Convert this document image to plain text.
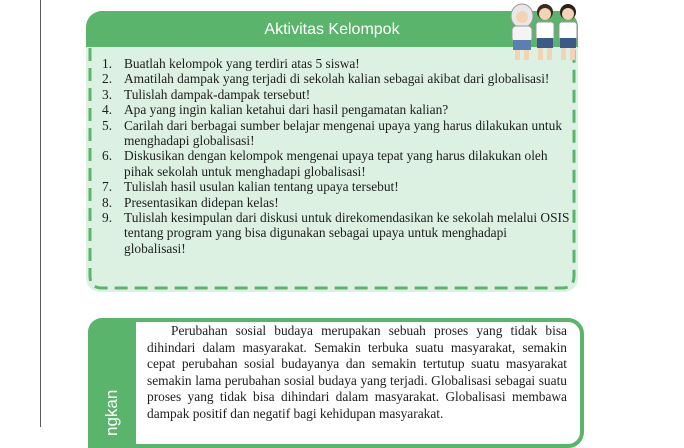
Aktivitas Kelompok
1. Buatlah kelompok yang terdiri atas 5 siswa!
2. Amatilah dampak yang terjadi di sekolah kalian sebagai akibat dari globalisasi!
3. Tulislah dampak-dampak tersebut!
4. Apa yang ingin kalian ketahui dari hasil pengamatan kalian?
5. Carilah dari berbagai sumber belajar mengenai upaya yang harus dilakukan untuk menghadapi globalisasi!
6. Diskusikan dengan kelompok mengenai upaya tepat yang harus dilakukan oleh pihak sekolah untuk menghadapi globalisasi!
7. Tulislah hasil usulan kalian tentang upaya tersebut!
8. Presentasikan didepan kelas!
9. Tulislah kesimpulan dari diskusi untuk direkomendasikan ke sekolah melalui OSIS tentang program yang bisa digunakan sebagai upaya untuk menghadapi globalisasi!
ngkan

Perubahan sosial budaya merupakan sebuah proses yang tidak bisa dihindari dalam masyarakat. Semakin terbuka suatu masyarakat, semakin cepat perubahan sosial budayanya dan semakin tertutup suatu masyarakat semakin lama perubahan sosial budaya yang terjadi. Globalisasi sebagai suatu proses yang tidak bisa dihindari dalam masyarakat. Globalisasi membawa dampak positif dan negatif bagi kehidupan masyarakat.
